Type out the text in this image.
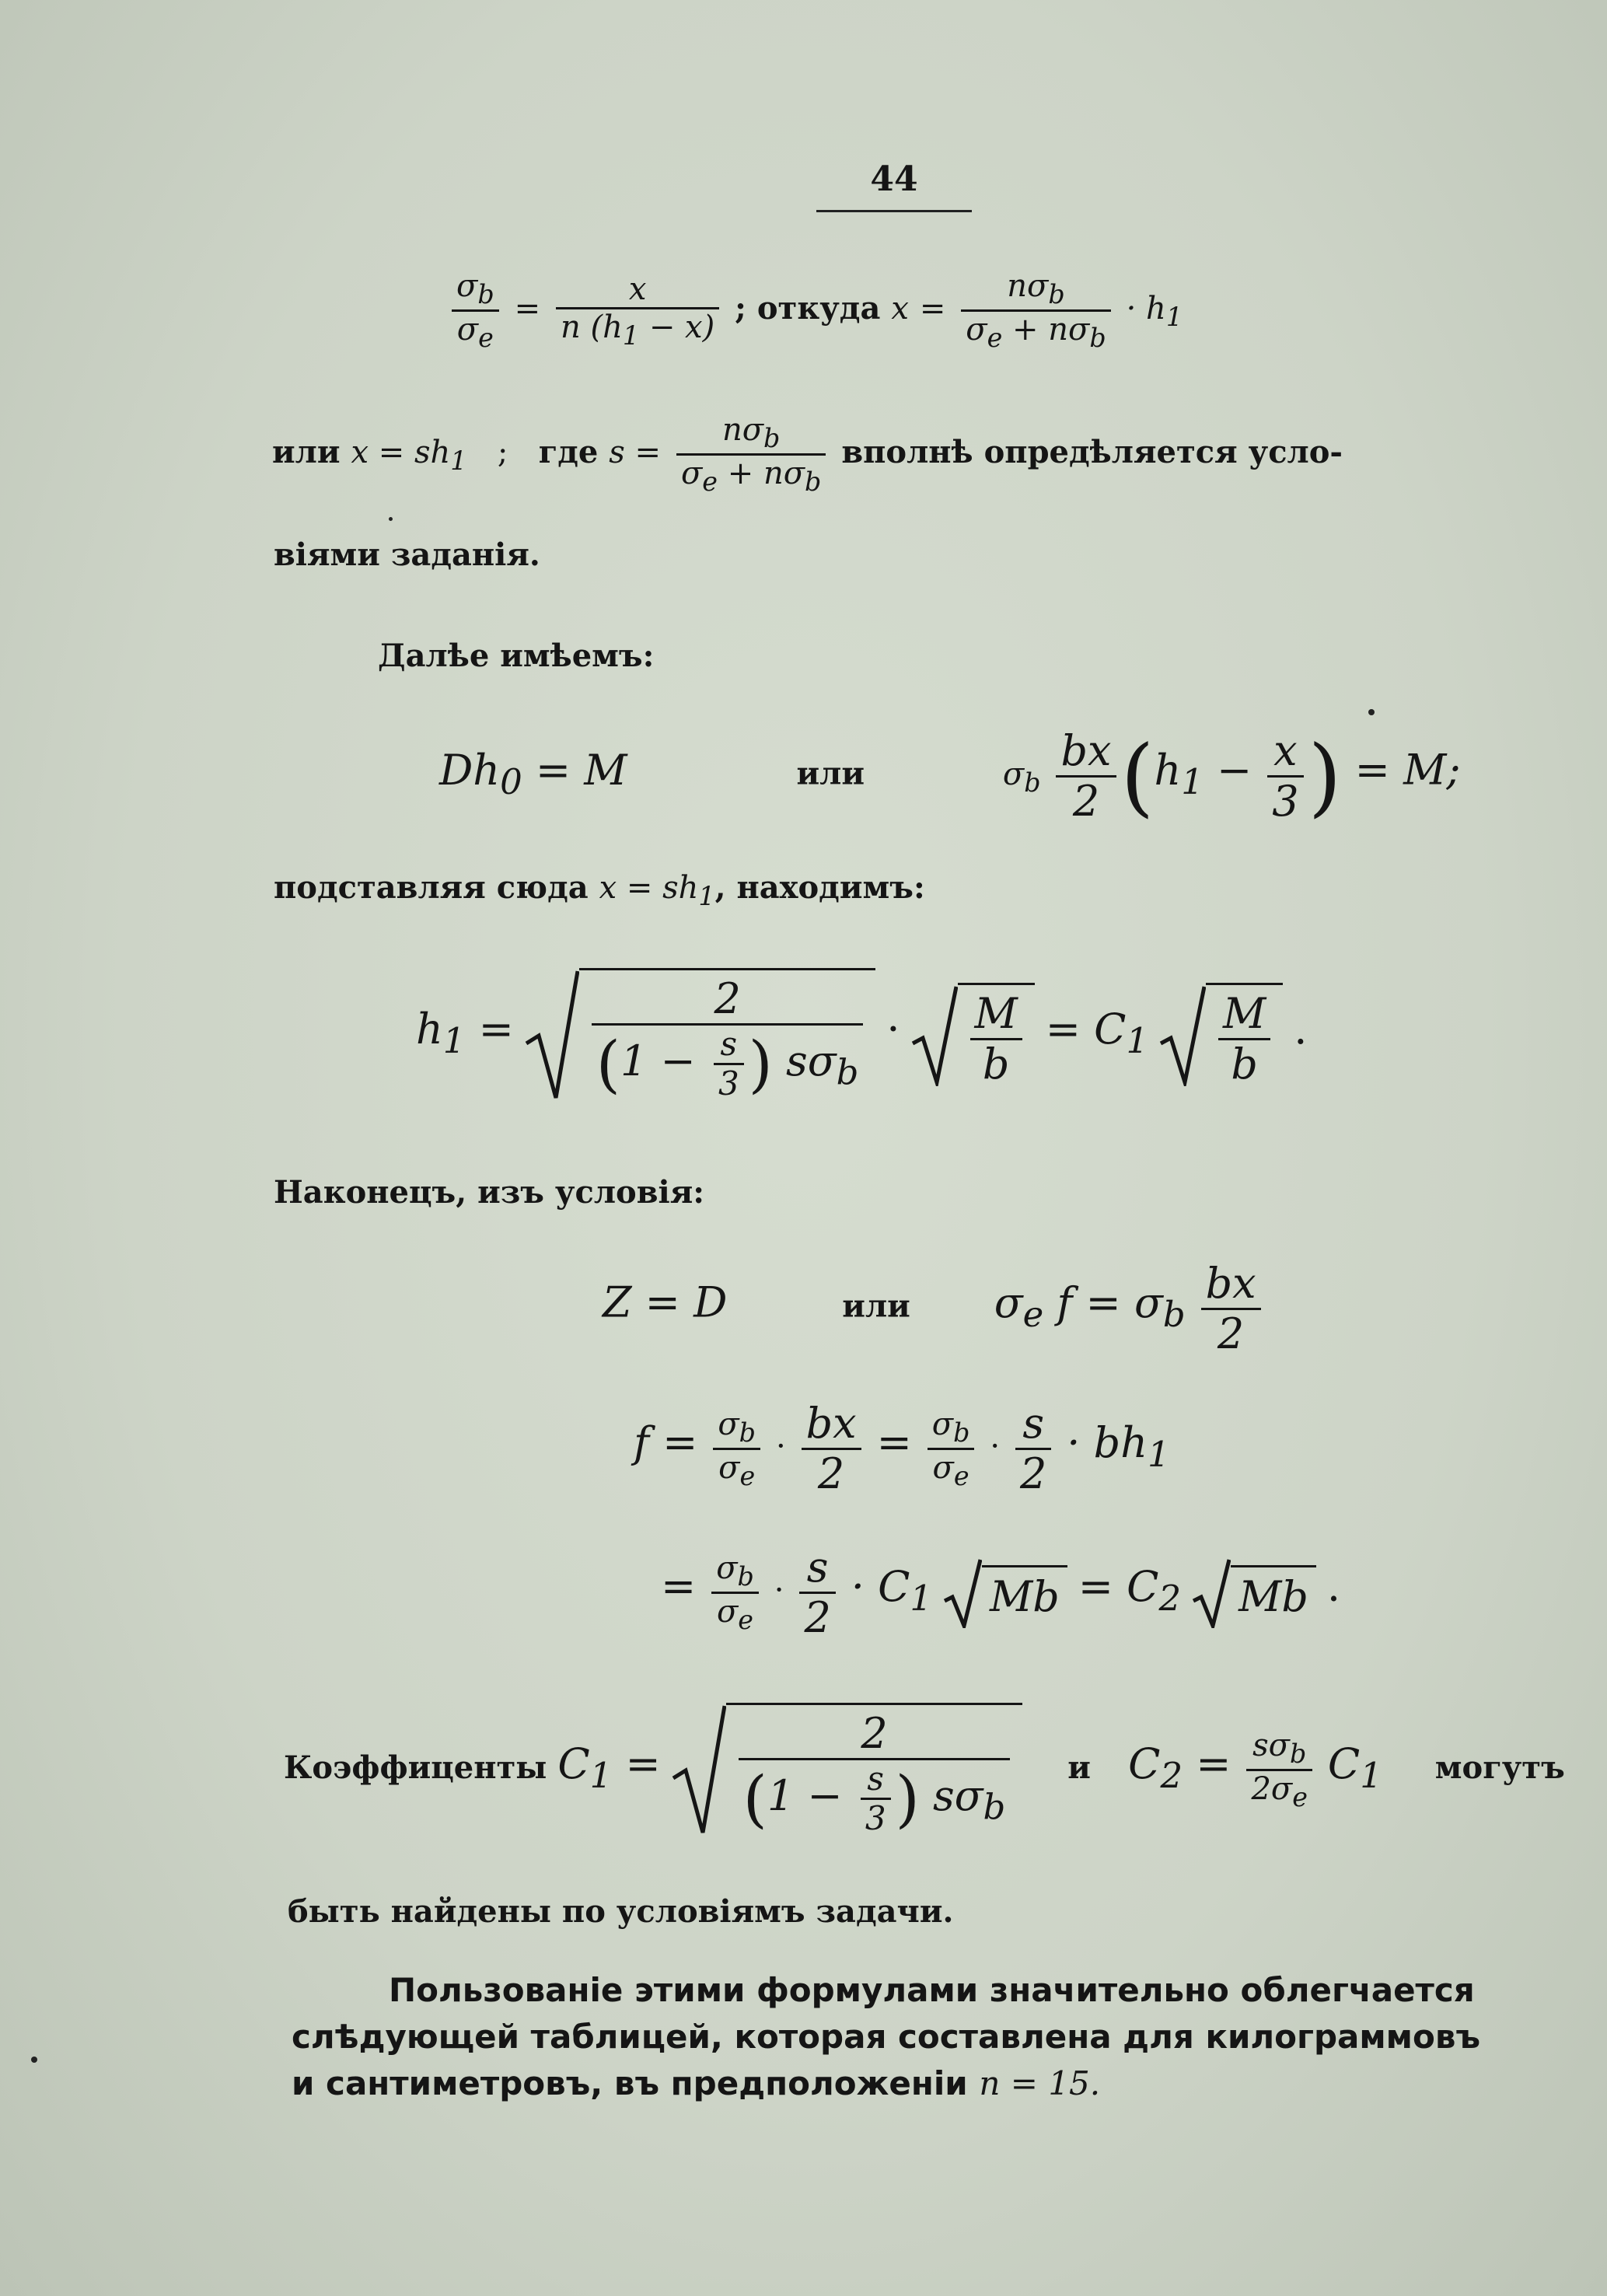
44
$\frac{\sigma_b}{\sigma_e} = \frac{x}{n (h_1 - x)}$ ; откуда $x = \frac{n\sigma_b}{\sigma_e + n\sigma_b} \cdot h_1$
или $x = sh_1$   ;   где $s = \frac{n\sigma_b}{\sigma_e + n\sigma_b}$ вполнѣ опредѣляется усло-
віями заданія.
Далѣе имѣемъ:
$Dh_0 = M$	или	$\sigma_b \frac{bx}{2} (h_1 - \frac{x}{3}$ ) = M;
подставляя сюда $x = sh_1$, находимъ:
$h_1 = \frac{2}{(1 - \frac{s}{3} ) s\sigma_b} \cdot \frac{M}{b} = C_1 \frac{M}{b}$ .
Наконецъ, изъ условія:
Z = D	или $\sigma_e$ $f = \sigma_b \frac{bx}{2}$
$f = \frac{\sigma_b}{\sigma_e} \cdot \frac{bx}{2} = \frac{\sigma_b}{\sigma_e} \cdot \frac{s}{2} \cdot bh_1$
= $\frac{\sigma_b}{\sigma_e} \cdot \frac{s}{2} \cdot C_1$ $Mb = C_2$ Mb .
Коэффиценты $C_1 = \frac{2}{(1 - \frac{s}{3} ) s\sigma_b}$ и   $C_2 = \frac{s\sigma_b}{2\sigma_e} C_1$ могутъ
быть найдены по условіямъ задачи.
Пользованіе этими формулами значительно облегчается
слѣдующей таблицей, которая составлена для килограммовъ
и сантиметровъ, въ предположеніи n = 15.
